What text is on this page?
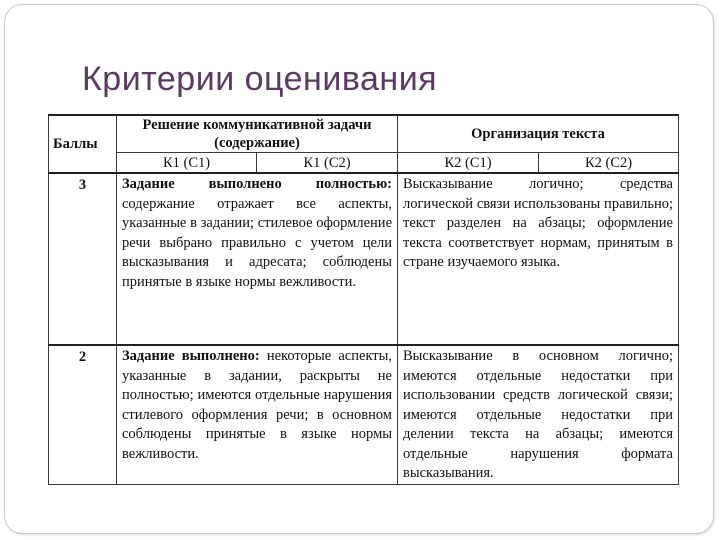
Критерии оценивания
Баллы	Решение коммуникативной задачи (содержание)		Организация текста	
	К1 (С1)	К1 (С2)	К2 (С1)	К2 (С2)
3	Задание выполнено полностью: содержание отражает все аспекты, указанные в задании; стилевое оформление речи выбрано правильно с учетом цели высказывания и адресата; соблюдены принятые в языке нормы вежливости.		Высказывание логично; средства логической связи использованы правильно; текст разделен на абзацы; оформление текста соответствует нормам, принятым в стране изучаемого языка.	
2	Задание выполнено: некоторые аспекты, указанные в задании, раскрыты не полностью; имеются отдельные нарушения стилевого оформления речи; в основном соблюдены принятые в языке нормы вежливости.		Высказывание в основном логично; имеются отдельные недостатки при использовании средств логической связи; имеются отдельные недостатки при делении текста на абзацы; имеются отдельные нарушения формата высказывания.	
